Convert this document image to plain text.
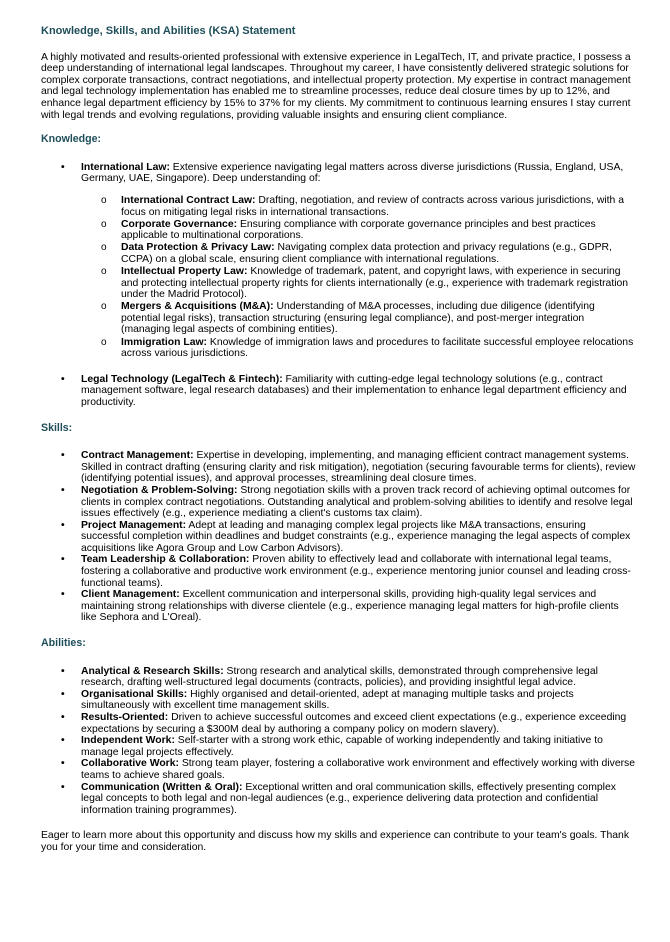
Knowledge, Skills, and Abilities (KSA) Statement

A highly motivated and results-oriented professional with extensive experience in LegalTech, IT, and private practice, I possess a deep understanding of international legal landscapes. Throughout my career, I have consistently delivered strategic solutions for complex corporate transactions, contract negotiations, and intellectual property protection. My expertise in contract management and legal technology implementation has enabled me to streamline processes, reduce deal closure times by up to 12%, and enhance legal department efficiency by 15% to 37% for my clients. My commitment to continuous learning ensures I stay current with legal trends and evolving regulations, providing valuable insights and ensuring client compliance.

Knowledge:
• International Law: Extensive experience navigating legal matters across diverse jurisdictions (Russia, England, USA, Germany, UAE, Singapore). Deep understanding of:
o International Contract Law: Drafting, negotiation, and review of contracts across various jurisdictions, with a focus on mitigating legal risks in international transactions.
o Corporate Governance: Ensuring compliance with corporate governance principles and best practices applicable to multinational corporations.
o Data Protection & Privacy Law: Navigating complex data protection and privacy regulations (e.g., GDPR, CCPA) on a global scale, ensuring client compliance with international regulations.
o Intellectual Property Law: Knowledge of trademark, patent, and copyright laws, with experience in securing and protecting intellectual property rights for clients internationally (e.g., experience with trademark registration under the Madrid Protocol).
o Mergers & Acquisitions (M&A): Understanding of M&A processes, including due diligence (identifying potential legal risks), transaction structuring (ensuring legal compliance), and post-merger integration (managing legal aspects of combining entities).
o Immigration Law: Knowledge of immigration laws and procedures to facilitate successful employee relocations across various jurisdictions.
• Legal Technology (LegalTech & Fintech): Familiarity with cutting-edge legal technology solutions (e.g., contract management software, legal research databases) and their implementation to enhance legal department efficiency and productivity.
Skills:
• Contract Management: Expertise in developing, implementing, and managing efficient contract management systems. Skilled in contract drafting (ensuring clarity and risk mitigation), negotiation (securing favourable terms for clients), review (identifying potential issues), and approval processes, streamlining deal closure times.
• Negotiation & Problem-Solving: Strong negotiation skills with a proven track record of achieving optimal outcomes for clients in complex contract negotiations. Outstanding analytical and problem-solving abilities to identify and resolve legal issues effectively (e.g., experience mediating a client's customs tax claim).
• Project Management: Adept at leading and managing complex legal projects like M&A transactions, ensuring successful completion within deadlines and budget constraints (e.g., experience managing the legal aspects of complex acquisitions like Agora Group and Low Carbon Advisors).
• Team Leadership & Collaboration: Proven ability to effectively lead and collaborate with international legal teams, fostering a collaborative and productive work environment (e.g., experience mentoring junior counsel and leading cross-functional teams).
• Client Management: Excellent communication and interpersonal skills, providing high-quality legal services and maintaining strong relationships with diverse clientele (e.g., experience managing legal matters for high-profile clients like Sephora and L'Oreal).
Abilities:
• Analytical & Research Skills: Strong research and analytical skills, demonstrated through comprehensive legal research, drafting well-structured legal documents (contracts, policies), and providing insightful legal advice.
• Organisational Skills: Highly organised and detail-oriented, adept at managing multiple tasks and projects simultaneously with excellent time management skills.
• Results-Oriented: Driven to achieve successful outcomes and exceed client expectations (e.g., experience exceeding expectations by securing a $300M deal by authoring a company policy on modern slavery).
• Independent Work: Self-starter with a strong work ethic, capable of working independently and taking initiative to manage legal projects effectively.
• Collaborative Work: Strong team player, fostering a collaborative work environment and effectively working with diverse teams to achieve shared goals.
• Communication (Written & Oral): Exceptional written and oral communication skills, effectively presenting complex legal concepts to both legal and non-legal audiences (e.g., experience delivering data protection and confidential information training programmes).

Eager to learn more about this opportunity and discuss how my skills and experience can contribute to your team's goals. Thank you for your time and consideration.
